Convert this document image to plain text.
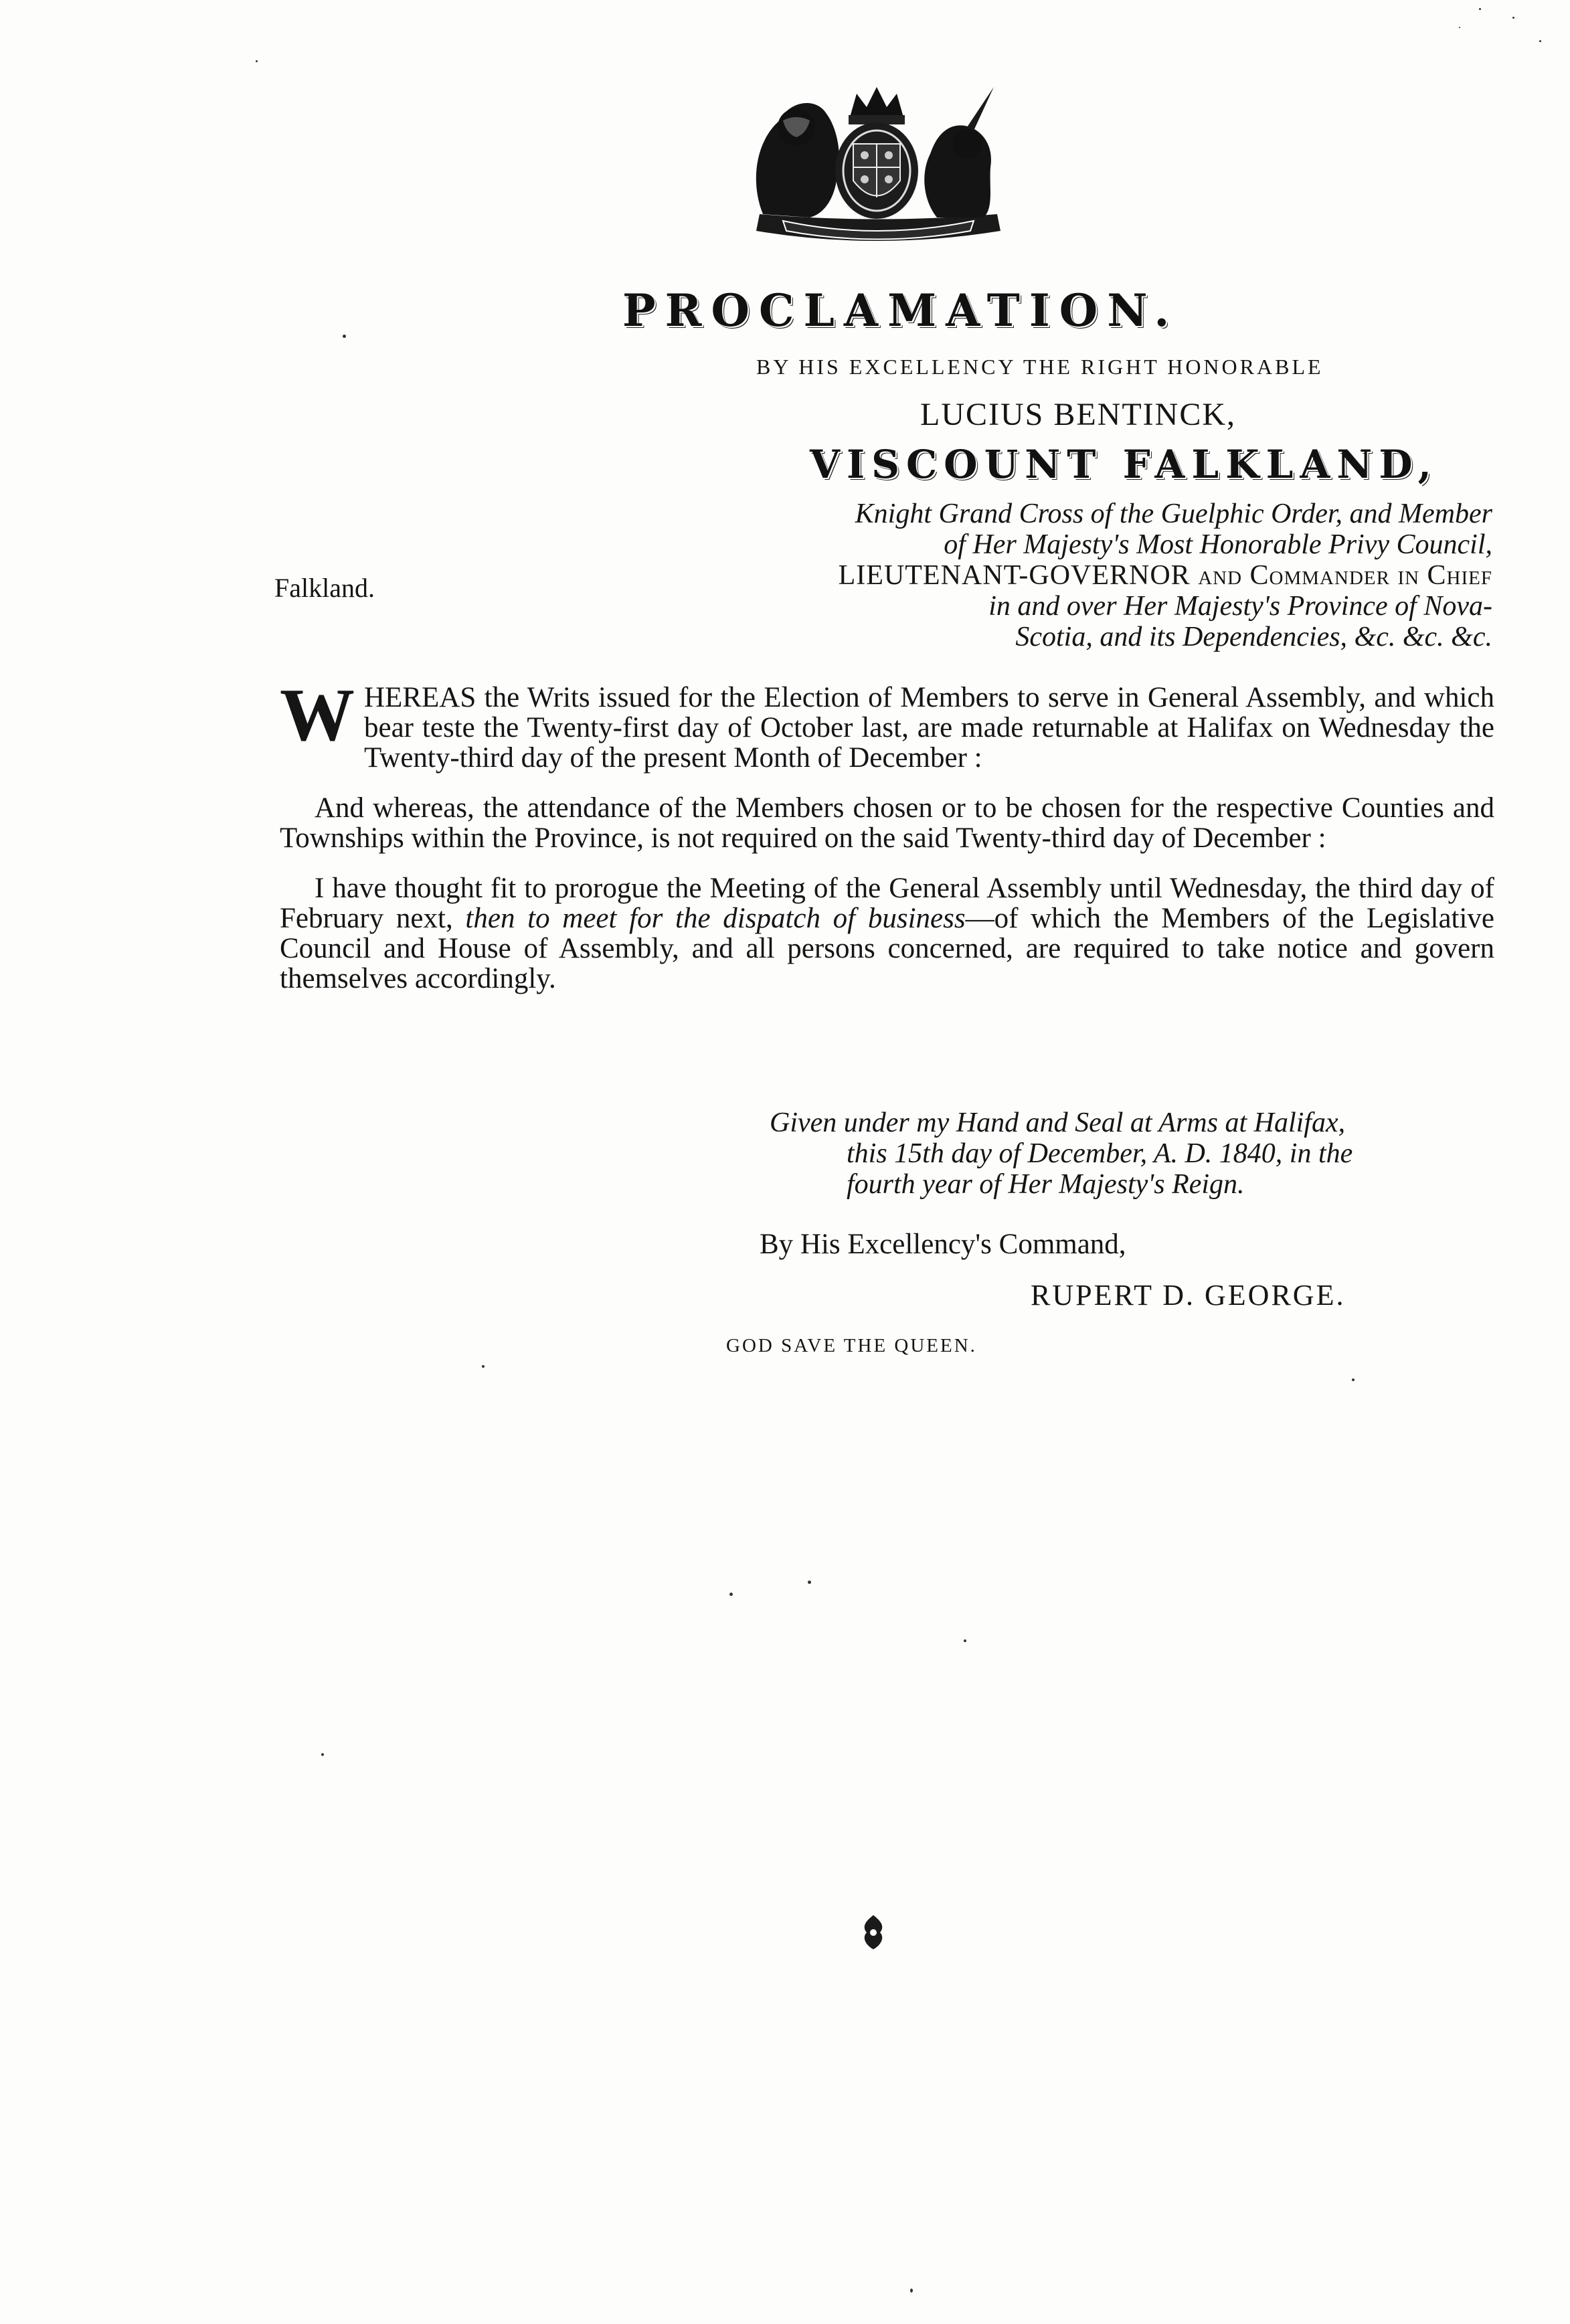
PROCLAMATION.
BY HIS EXCELLENCY THE RIGHT HONORABLE
LUCIUS BENTINCK,
VISCOUNT FALKLAND,
Knight Grand Cross of the Guelphic Order, and Member
of Her Majesty's Most Honorable Privy Council,
LIEUTENANT-GOVERNOR and Commander in Chief
in and over Her Majesty's Province of Nova-
Scotia, and its Dependencies, &c. &c. &c.
Falkland.

WHEREAS the Writs issued for the Election of Members to serve in General Assembly, and which bear teste the Twenty-first day of October last, are made returnable at Halifax on Wednesday the Twenty-third day of the present Month of December :

And whereas, the attendance of the Members chosen or to be chosen for the respective Counties and Townships within the Province, is not required on the said Twenty-third day of December :

I have thought fit to prorogue the Meeting of the General Assembly until Wednesday, the third day of February next, then to meet for the dispatch of business—of which the Members of the Legislative Council and House of Assembly, and all persons concerned, are required to take notice and govern themselves accordingly.

Given under my Hand and Seal at Arms at Halifax,
this 15th day of December, A. D. 1840, in the
fourth year of Her Majesty's Reign.
By His Excellency's Command,
RUPERT D. GEORGE.
GOD SAVE THE QUEEN.
